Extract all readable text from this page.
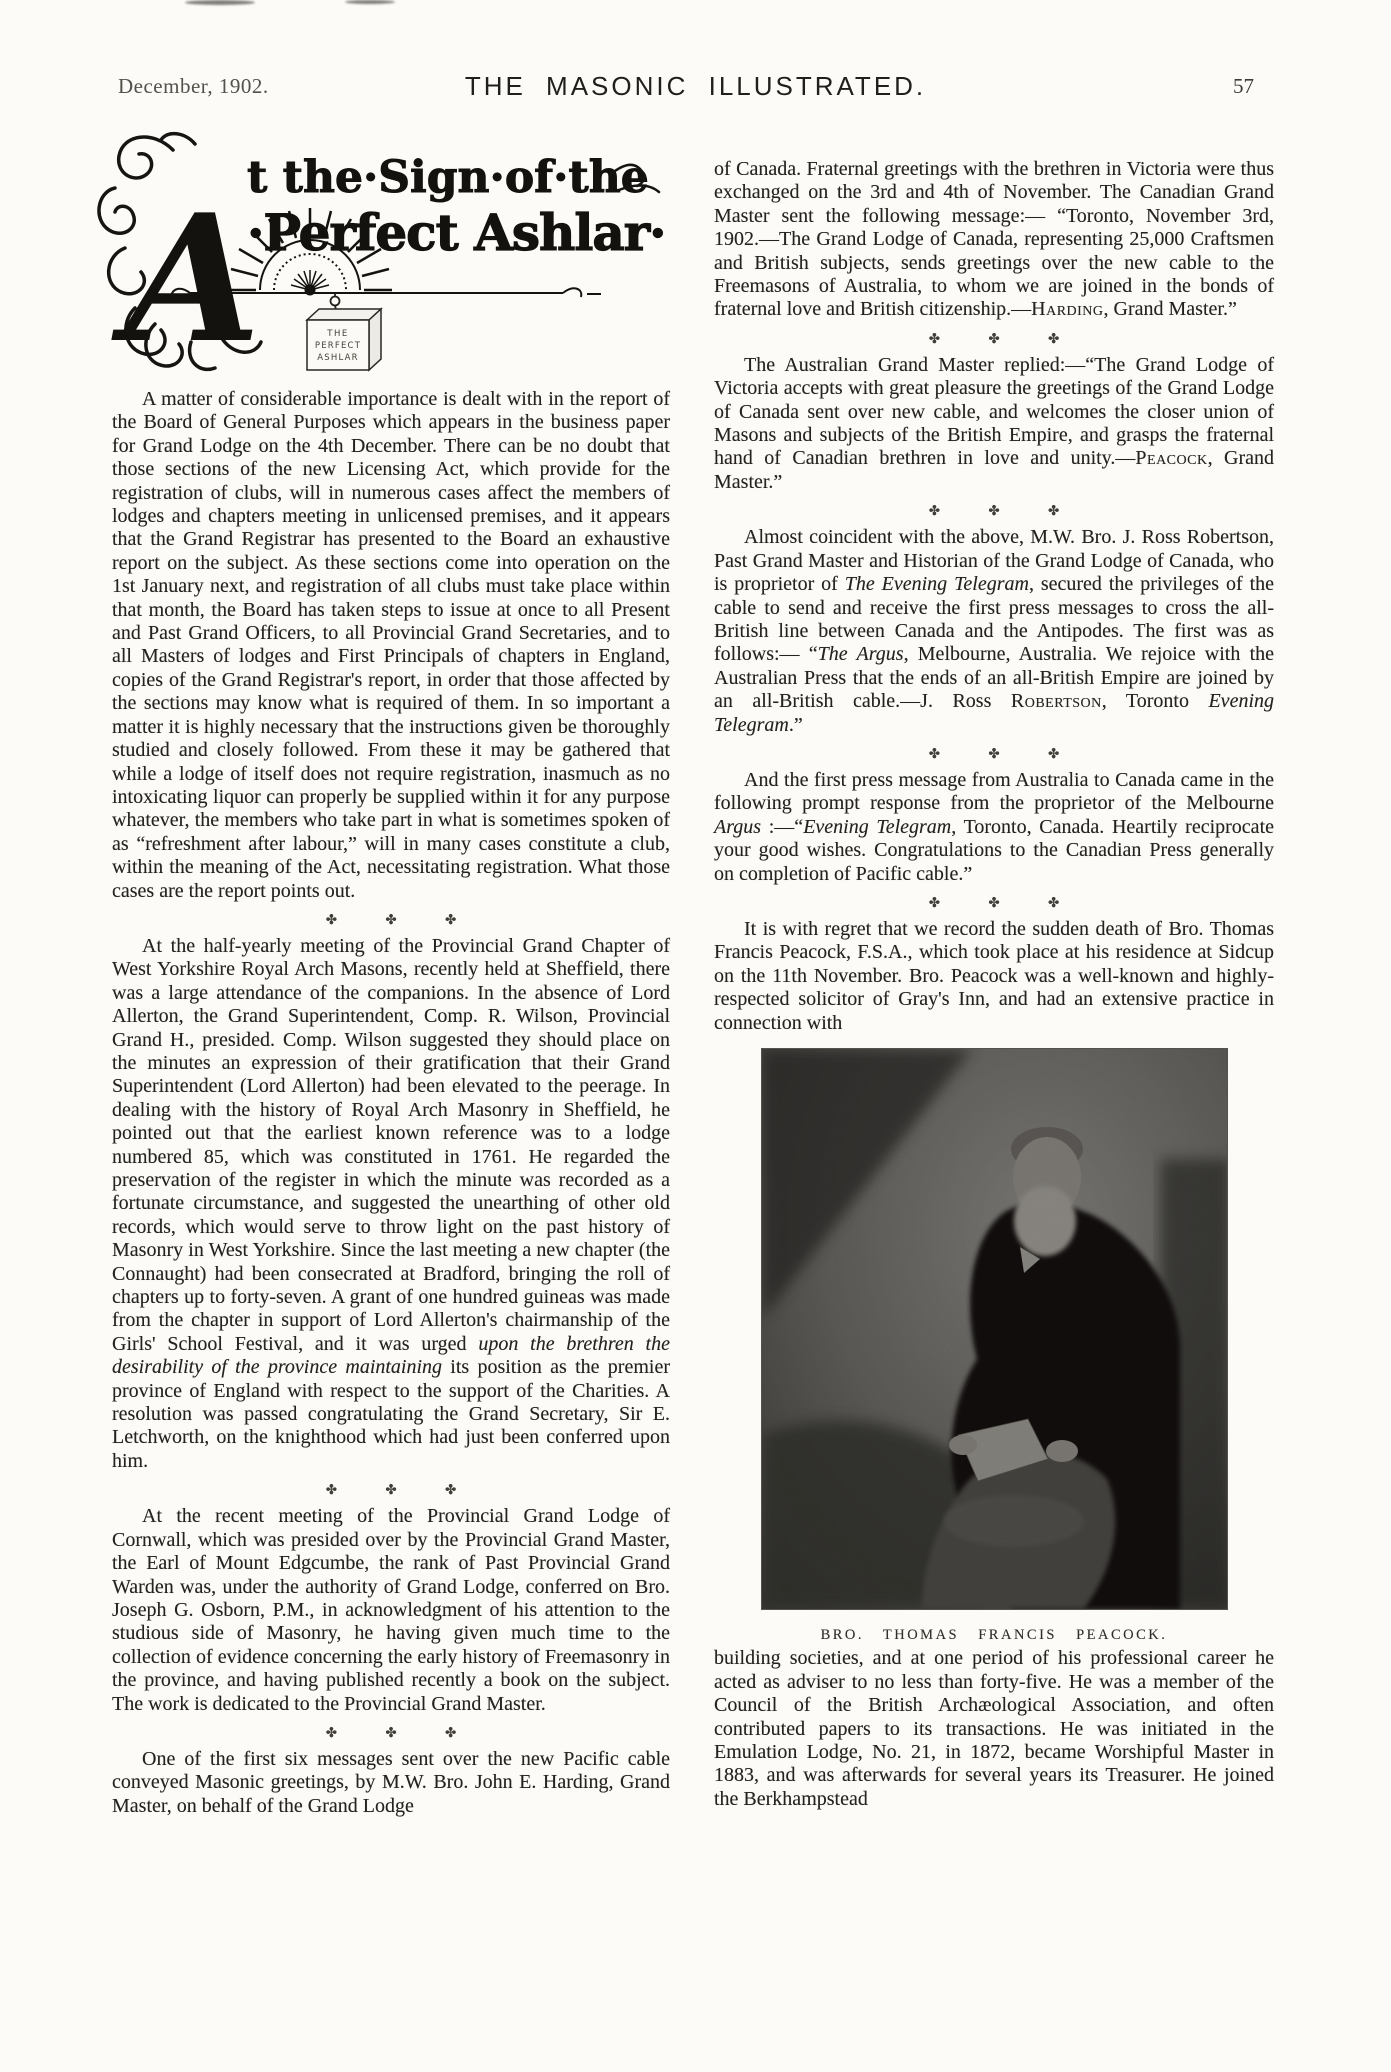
December, 1902.	THE MASONIC ILLUSTRATED.	57
t the·Sign·of·the
·Perfect Ashlar·
THE
PERFECT
ASHLAR
A

A matter of considerable importance is dealt with in the report of the Board of General Purposes which appears in the business paper for Grand Lodge on the 4th December. There can be no doubt that those sections of the new Licensing Act, which provide for the registration of clubs, will in numerous cases affect the members of lodges and chapters meeting in unlicensed premises, and it appears that the Grand Registrar has presented to the Board an exhaustive report on the subject. As these sections come into operation on the 1st January next, and registration of all clubs must take place within that month, the Board has taken steps to issue at once to all Present and Past Grand Officers, to all Provincial Grand Secretaries, and to all Masters of lodges and First Principals of chapters in England, copies of the Grand Registrar's report, in order that those affected by the sections may know what is required of them. In so important a matter it is highly necessary that the instructions given be thoroughly studied and closely followed. From these it may be gathered that while a lodge of itself does not require registration, inasmuch as no intoxicating liquor can properly be supplied within it for any purpose whatever, the members who take part in what is sometimes spoken of as “refreshment after labour,” will in many cases constitute a club, within the meaning of the Act, necessitating registration. What those cases are the report points out.

✤ ✤ ✤

At the half-yearly meeting of the Provincial Grand Chapter of West Yorkshire Royal Arch Masons, recently held at Sheffield, there was a large attendance of the companions. In the absence of Lord Allerton, the Grand Superintendent, Comp. R. Wilson, Provincial Grand H., presided. Comp. Wilson suggested they should place on the minutes an expression of their gratification that their Grand Superintendent (Lord Allerton) had been elevated to the peerage. In dealing with the history of Royal Arch Masonry in Sheffield, he pointed out that the earliest known reference was to a lodge numbered 85, which was constituted in 1761. He regarded the preservation of the register in which the minute was recorded as a fortunate circumstance, and suggested the unearthing of other old records, which would serve to throw light on the past history of Masonry in West Yorkshire. Since the last meeting a new chapter (the Connaught) had been consecrated at Bradford, bringing the roll of chapters up to forty-seven. A grant of one hundred guineas was made from the chapter in support of Lord Allerton's chairmanship of the Girls' School Festival, and it was urged upon the brethren the desirability of the province maintaining its position as the premier province of England with respect to the support of the Charities. A resolution was passed congratulating the Grand Secretary, Sir E. Letchworth, on the knighthood which had just been conferred upon him.

✤ ✤ ✤

At the recent meeting of the Provincial Grand Lodge of Cornwall, which was presided over by the Provincial Grand Master, the Earl of Mount Edgcumbe, the rank of Past Provincial Grand Warden was, under the authority of Grand Lodge, conferred on Bro. Joseph G. Osborn, P.M., in acknowledgment of his attention to the studious side of Masonry, he having given much time to the collection of evidence concerning the early history of Freemasonry in the province, and having published recently a book on the subject. The work is dedicated to the Provincial Grand Master.

✤ ✤ ✤

One of the first six messages sent over the new Pacific cable conveyed Masonic greetings, by M.W. Bro. John E. Harding, Grand Master, on behalf of the Grand Lodge

of Canada. Fraternal greetings with the brethren in Victoria were thus exchanged on the 3rd and 4th of November. The Canadian Grand Master sent the following message:— “Toronto, November 3rd, 1902.—The Grand Lodge of Canada, representing 25,000 Craftsmen and British subjects, sends greetings over the new cable to the Freemasons of Australia, to whom we are joined in the bonds of fraternal love and British citizenship.—Harding, Grand Master.”

✤ ✤ ✤

The Australian Grand Master replied:—“The Grand Lodge of Victoria accepts with great pleasure the greetings of the Grand Lodge of Canada sent over new cable, and welcomes the closer union of Masons and subjects of the British Empire, and grasps the fraternal hand of Canadian brethren in love and unity.—Peacock, Grand Master.”

✤ ✤ ✤

Almost coincident with the above, M.W. Bro. J. Ross Robertson, Past Grand Master and Historian of the Grand Lodge of Canada, who is proprietor of The Evening Telegram, secured the privileges of the cable to send and receive the first press messages to cross the all-British line between Canada and the Antipodes. The first was as follows:— “The Argus, Melbourne, Australia. We rejoice with the Australian Press that the ends of an all-British Empire are joined by an all-British cable.—J. Ross Robertson, Toronto Evening Telegram.”

✤ ✤ ✤

And the first press message from Australia to Canada came in the following prompt response from the proprietor of the Melbourne Argus :—“Evening Telegram, Toronto, Canada. Heartily reciprocate your good wishes. Congratulations to the Canadian Press generally on completion of Pacific cable.”

✤ ✤ ✤

It is with regret that we record the sudden death of Bro. Thomas Francis Peacock, F.S.A., which took place at his residence at Sidcup on the 11th November. Bro. Peacock was a well-known and highly-respected solicitor of Gray's Inn, and had an extensive practice in connection with

BRO. THOMAS FRANCIS PEACOCK.

building societies, and at one period of his professional career he acted as adviser to no less than forty-five. He was a member of the Council of the British Archæological Association, and often contributed papers to its transactions. He was initiated in the Emulation Lodge, No. 21, in 1872, became Worshipful Master in 1883, and was afterwards for several years its Treasurer. He joined the Berkhampstead
